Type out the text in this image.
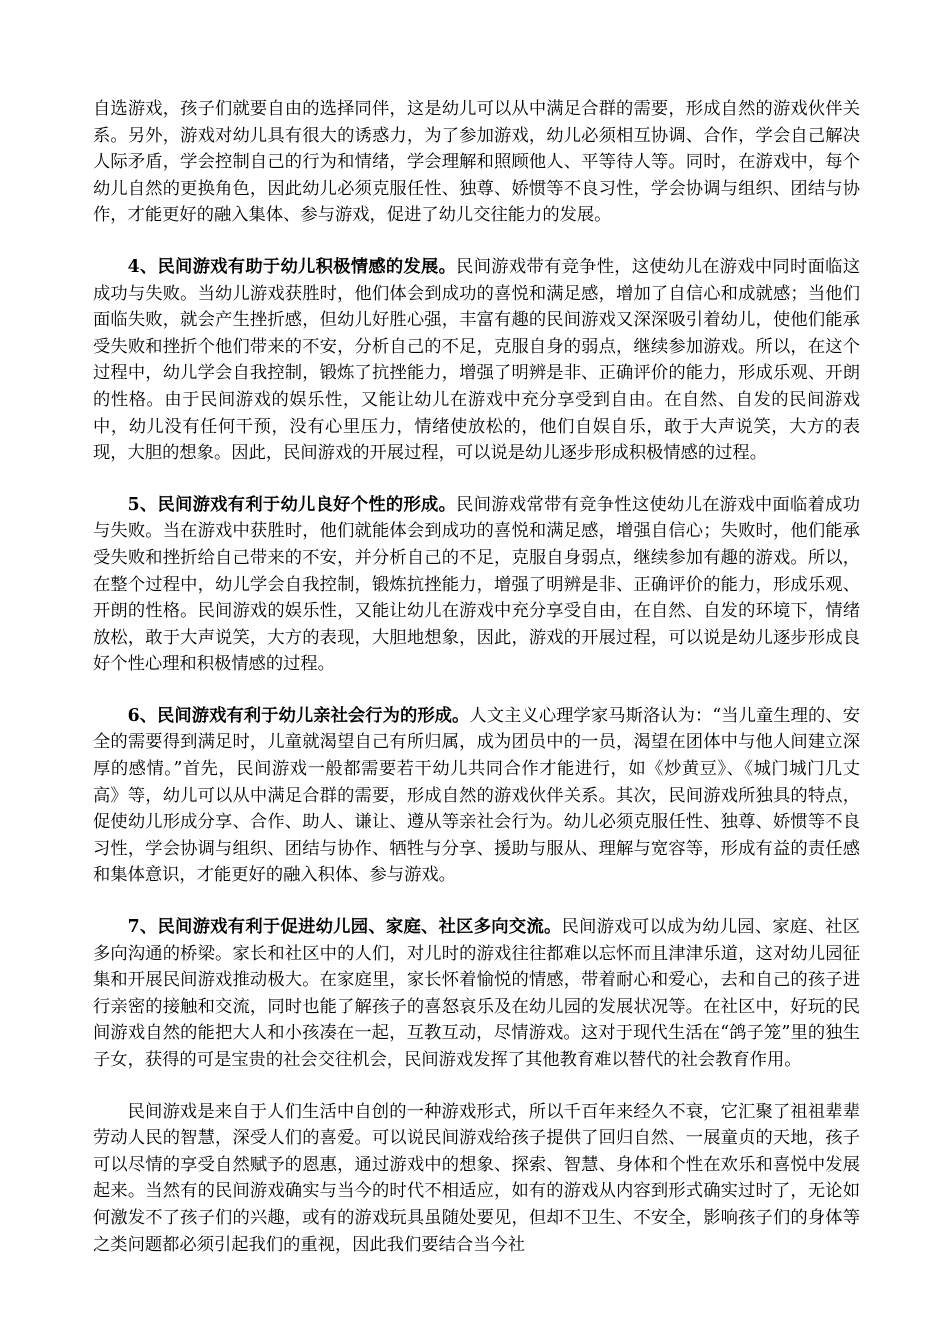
自选游戏，孩子们就要自由的选择同伴，这是幼儿可以从中满足合群的需要，形成自然的游戏伙伴关系。另外，游戏对幼儿具有很大的诱惑力，为了参加游戏，幼儿必须相互协调、合作，学会自己解决人际矛盾，学会控制自己的行为和情绪，学会理解和照顾他人、平等待人等。同时，在游戏中，每个幼儿自然的更换角色，因此幼儿必须克服任性、独尊、娇惯等不良习性，学会协调与组织、团结与协作，才能更好的融入集体、参与游戏，促进了幼儿交往能力的发展。

4、民间游戏有助于幼儿积极情感的发展。民间游戏带有竞争性，这使幼儿在游戏中同时面临这成功与失败。当幼儿游戏获胜时，他们体会到成功的喜悦和满足感，增加了自信心和成就感；当他们面临失败，就会产生挫折感，但幼儿好胜心强，丰富有趣的民间游戏又深深吸引着幼儿，使他们能承受失败和挫折个他们带来的不安，分析自己的不足，克服自身的弱点，继续参加游戏。所以，在这个过程中，幼儿学会自我控制，锻炼了抗挫能力，增强了明辨是非、正确评价的能力，形成乐观、开朗的性格。由于民间游戏的娱乐性，又能让幼儿在游戏中充分享受到自由。在自然、自发的民间游戏中，幼儿没有任何干预，没有心里压力，情绪使放松的，他们自娱自乐，敢于大声说笑，大方的表现，大胆的想象。因此，民间游戏的开展过程，可以说是幼儿逐步形成积极情感的过程。

5、民间游戏有利于幼儿良好个性的形成。民间游戏常带有竞争性这使幼儿在游戏中面临着成功与失败。当在游戏中获胜时，他们就能体会到成功的喜悦和满足感，增强自信心；失败时，他们能承受失败和挫折给自己带来的不安，并分析自己的不足，克服自身弱点，继续参加有趣的游戏。所以，在整个过程中，幼儿学会自我控制，锻炼抗挫能力，增强了明辨是非、正确评价的能力，形成乐观、开朗的性格。民间游戏的娱乐性，又能让幼儿在游戏中充分享受自由，在自然、自发的环境下，情绪放松，敢于大声说笑，大方的表现，大胆地想象，因此，游戏的开展过程，可以说是幼儿逐步形成良好个性心理和积极情感的过程。

6、民间游戏有利于幼儿亲社会行为的形成。人文主义心理学家马斯洛认为：“当儿童生理的、安全的需要得到满足时，儿童就渴望自己有所归属，成为团员中的一员，渴望在团体中与他人间建立深厚的感情。”首先，民间游戏一般都需要若干幼儿共同合作才能进行，如《炒黄豆》、《城门城门几丈高》等，幼儿可以从中满足合群的需要，形成自然的游戏伙伴关系。其次，民间游戏所独具的特点，促使幼儿形成分享、合作、助人、谦让、遵从等亲社会行为。幼儿必须克服任性、独尊、娇惯等不良习性，学会协调与组织、团结与协作、牺牲与分享、援助与服从、理解与宽容等，形成有益的责任感和集体意识，才能更好的融入积体、参与游戏。

7、民间游戏有利于促进幼儿园、家庭、社区多向交流。民间游戏可以成为幼儿园、家庭、社区多向沟通的桥梁。家长和社区中的人们，对儿时的游戏往往都难以忘怀而且津津乐道，这对幼儿园征集和开展民间游戏推动极大。在家庭里，家长怀着愉悦的情感，带着耐心和爱心，去和自己的孩子进行亲密的接触和交流，同时也能了解孩子的喜怒哀乐及在幼儿园的发展状况等。在社区中，好玩的民间游戏自然的能把大人和小孩凑在一起，互教互动，尽情游戏。这对于现代生活在“鸽子笼”里的独生子女，获得的可是宝贵的社会交往机会，民间游戏发挥了其他教育难以替代的社会教育作用。

民间游戏是来自于人们生活中自创的一种游戏形式，所以千百年来经久不衰，它汇聚了祖祖辈辈劳动人民的智慧，深受人们的喜爱。可以说民间游戏给孩子提供了回归自然、一展童贞的天地，孩子可以尽情的享受自然赋予的恩惠，通过游戏中的想象、探索、智慧、身体和个性在欢乐和喜悦中发展起来。当然有的民间游戏确实与当今的时代不相适应，如有的游戏从内容到形式确实过时了，无论如何激发不了孩子们的兴趣，或有的游戏玩具虽随处要见，但却不卫生、不安全，影响孩子们的身体等之类问题都必须引起我们的重视，因此我们要结合当今社
